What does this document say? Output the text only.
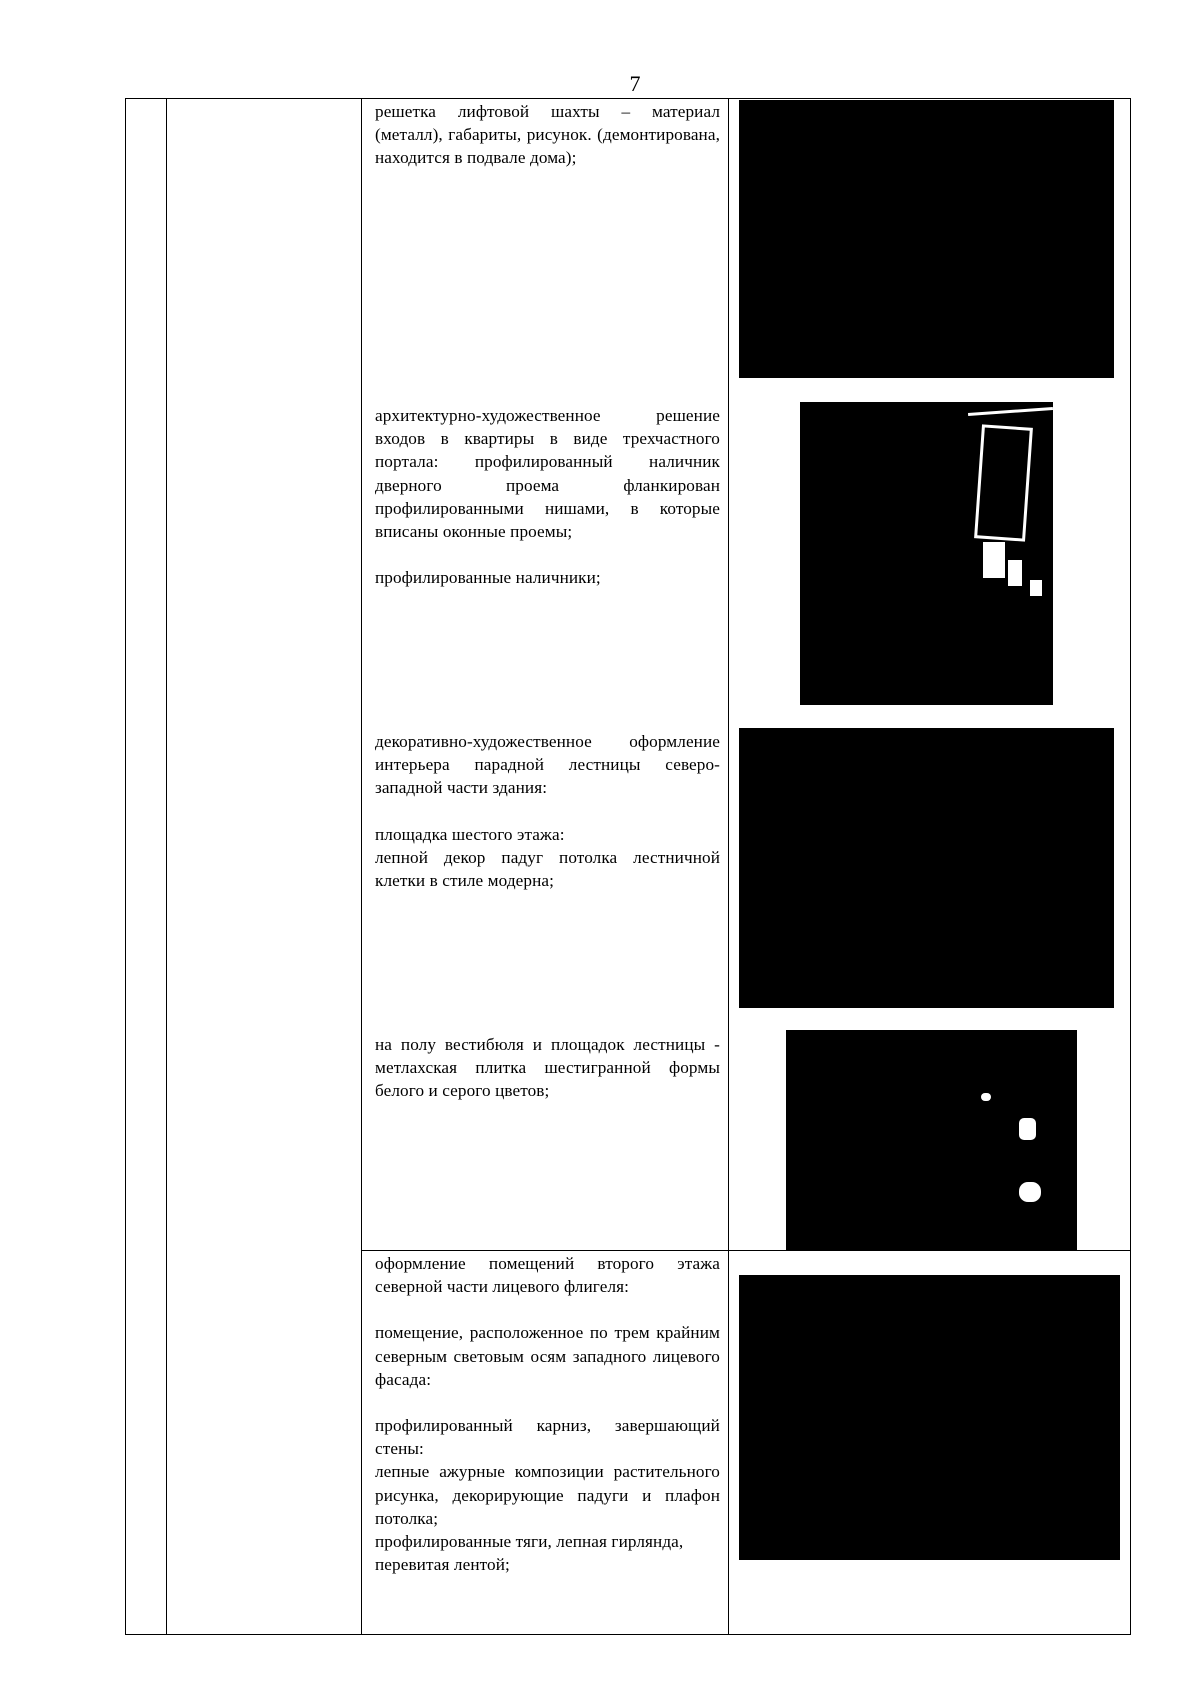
7

решетка лифтовой шахты – материал (металл), габариты, рисунок. (демонтирована, находится в подвале дома);

архитектурно-художественное решение входов в квартиры в виде трехчастного портала: профилированный наличник дверного проема фланкирован профилированными нишами, в которые вписаны оконные проемы;

профилированные наличники;

декоративно-художественное оформление интерьера парадной лестницы северо-западной части здания:

площадка шестого этажа:

лепной декор падуг потолка лестничной клетки в стиле модерна;

на полу вестибюля и площадок лестницы - метлахская плитка шестигранной формы белого и серого цветов;

оформление помещений второго этажа северной части лицевого флигеля:

помещение, расположенное по трем крайним северным световым осям западного лицевого фасада:

профилированный карниз, завершающий стены:

лепные ажурные композиции растительного рисунка, декорирующие падуги и плафон потолка;

профилированные тяги, лепная гирлянда, перевитая лентой;
